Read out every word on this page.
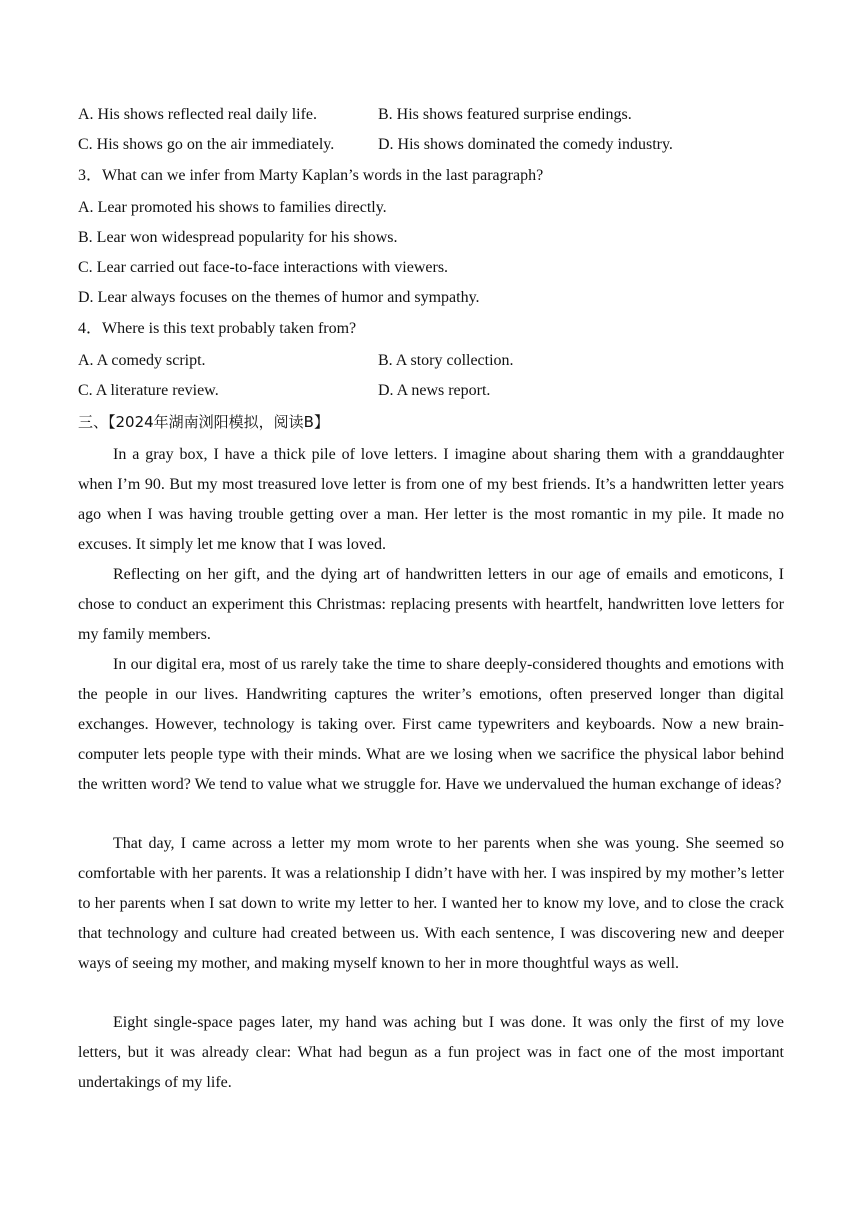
A. His shows reflected real daily life.	B. His shows featured surprise endings.
C. His shows go on the air immediately.	D. His shows dominated the comedy industry.
3．What can we infer from Marty Kaplan’s words in the last paragraph?
A. Lear promoted his shows to families directly.
B. Lear won widespread popularity for his shows.
C. Lear carried out face-to-face interactions with viewers.
D. Lear always focuses on the themes of humor and sympathy.
4．Where is this text probably taken from?
A. A comedy script.	B. A story collection.
C. A literature review.	D. A news report.
三、【2024年湖南浏阳模拟，阅读B】

In a gray box, I have a thick pile of love letters. I imagine about sharing them with a granddaughter when I’m 90. But my most treasured love letter is from one of my best friends. It’s a handwritten letter years ago when I was having trouble getting over a man. Her letter is the most romantic in my pile. It made no excuses. It simply let me know that I was loved.

Reflecting on her gift, and the dying art of handwritten letters in our age of emails and emoticons, I chose to conduct an experiment this Christmas: replacing presents with heartfelt, handwritten love letters for my family members.

In our digital era, most of us rarely take the time to share deeply-considered thoughts and emotions with the people in our lives. Handwriting captures the writer’s emotions, often preserved longer than digital exchanges. However, technology is taking over. First came typewriters and keyboards. Now a new brain-computer lets people type with their minds. What are we losing when we sacrifice the physical labor behind the written word? We tend to value what we struggle for. Have we undervalued the human exchange of ideas?

That day, I came across a letter my mom wrote to her parents when she was young. She seemed so comfortable with her parents. It was a relationship I didn’t have with her. I was inspired by my mother’s letter to her parents when I sat down to write my letter to her. I wanted her to know my love, and to close the crack that technology and culture had created between us. With each sentence, I was discovering new and deeper ways of seeing my mother, and making myself known to her in more thoughtful ways as well.

Eight single-space pages later, my hand was aching but I was done. It was only the first of my love letters, but it was already clear: What had begun as a fun project was in fact one of the most important undertakings of my life.
